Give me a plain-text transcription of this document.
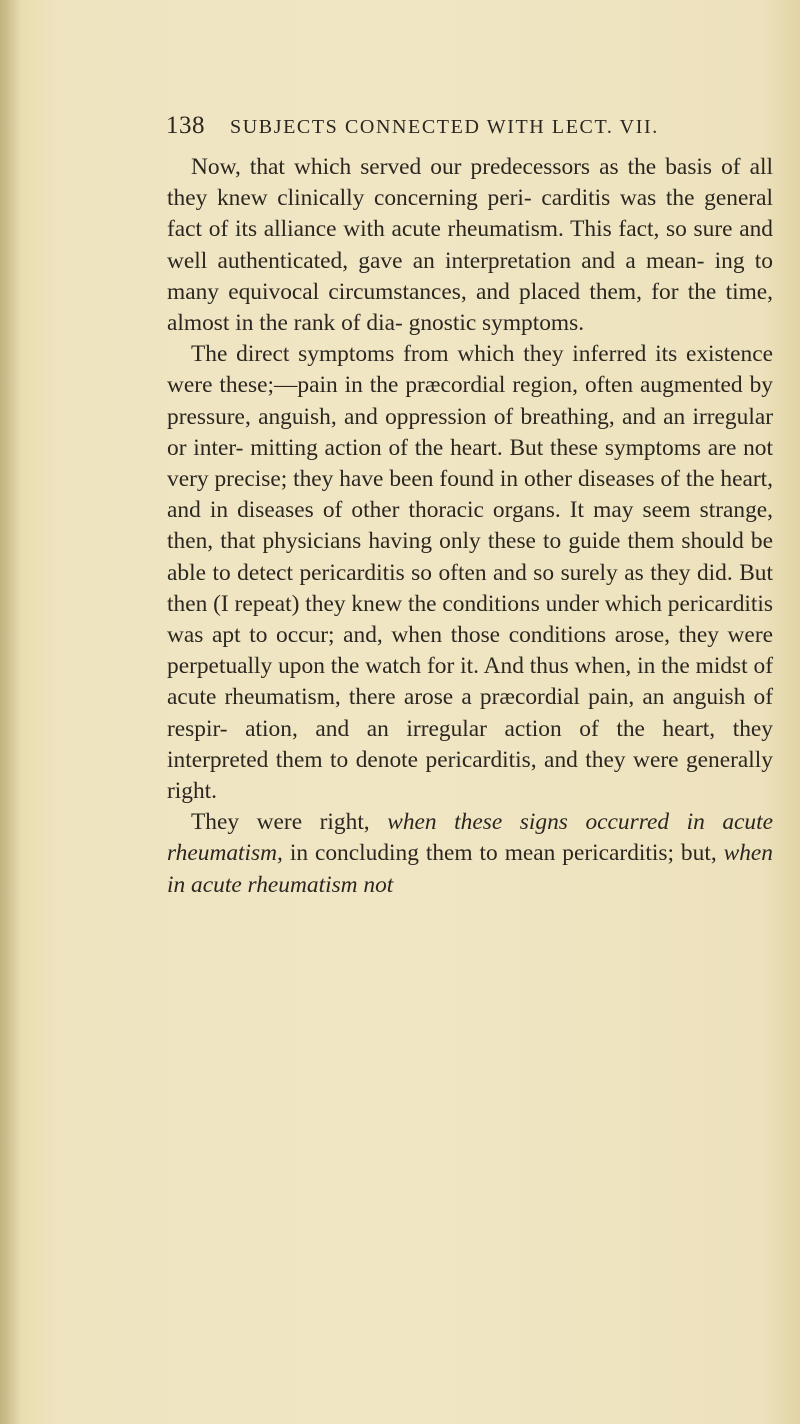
138 SUBJECTS CONNECTED WITH LECT. VII.

Now, that which served our predecessors as the basis of all they knew clinically concerning peri- carditis was the general fact of its alliance with acute rheumatism. This fact, so sure and well authenticated, gave an interpretation and a mean- ing to many equivocal circumstances, and placed them, for the time, almost in the rank of dia- gnostic symptoms.

The direct symptoms from which they inferred its existence were these;—pain in the præcordial region, often augmented by pressure, anguish, and oppression of breathing, and an irregular or inter- mitting action of the heart. But these symptoms are not very precise; they have been found in other diseases of the heart, and in diseases of other thoracic organs. It may seem strange, then, that physicians having only these to guide them should be able to detect pericarditis so often and so surely as they did. But then (I repeat) they knew the conditions under which pericarditis was apt to occur; and, when those conditions arose, they were perpetually upon the watch for it. And thus when, in the midst of acute rheumatism, there arose a præcordial pain, an anguish of respir- ation, and an irregular action of the heart, they interpreted them to denote pericarditis, and they were generally right.

They were right, when these signs occurred in acute rheumatism, in concluding them to mean pericarditis; but, when in acute rheumatism not
